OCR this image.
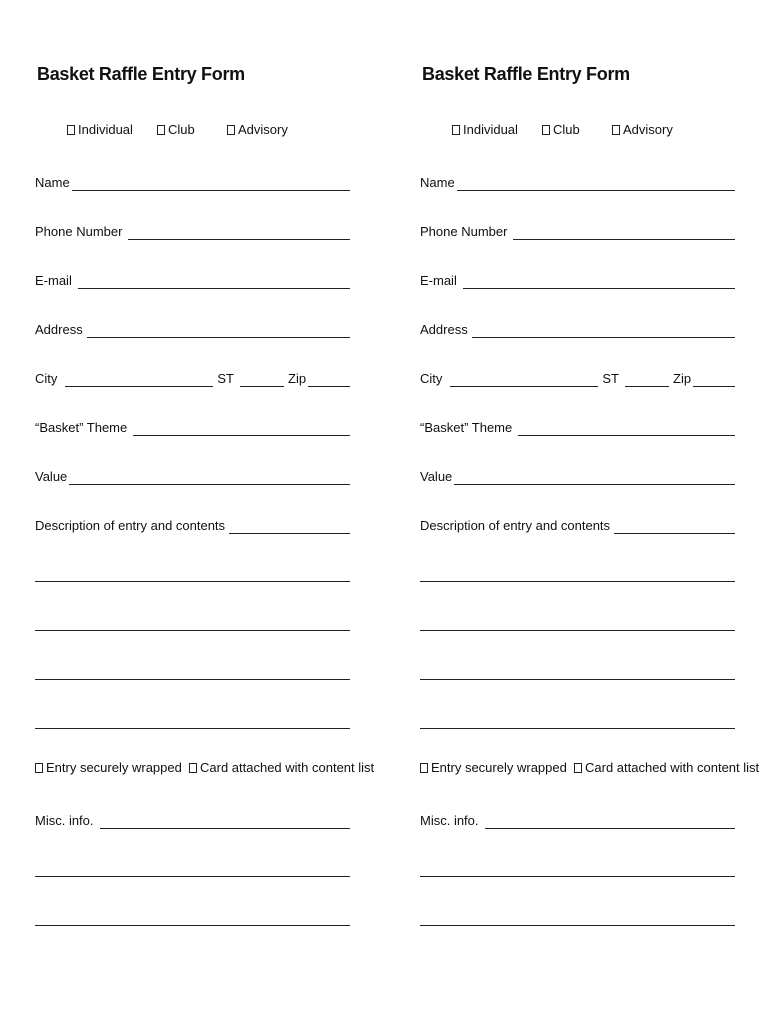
Basket Raffle Entry Form
Individual	Club	Advisory
Name
Phone Number
E-mail
Address
City	ST	Zip
“Basket” Theme
Value
Description of entry and contents
Entry securely wrapped Card attached with content list
Misc. info.
Basket Raffle Entry Form
Individual	Club	Advisory
Name
Phone Number
E-mail
Address
City	ST	Zip
“Basket” Theme
Value
Description of entry and contents
Entry securely wrapped Card attached with content list
Misc. info.
